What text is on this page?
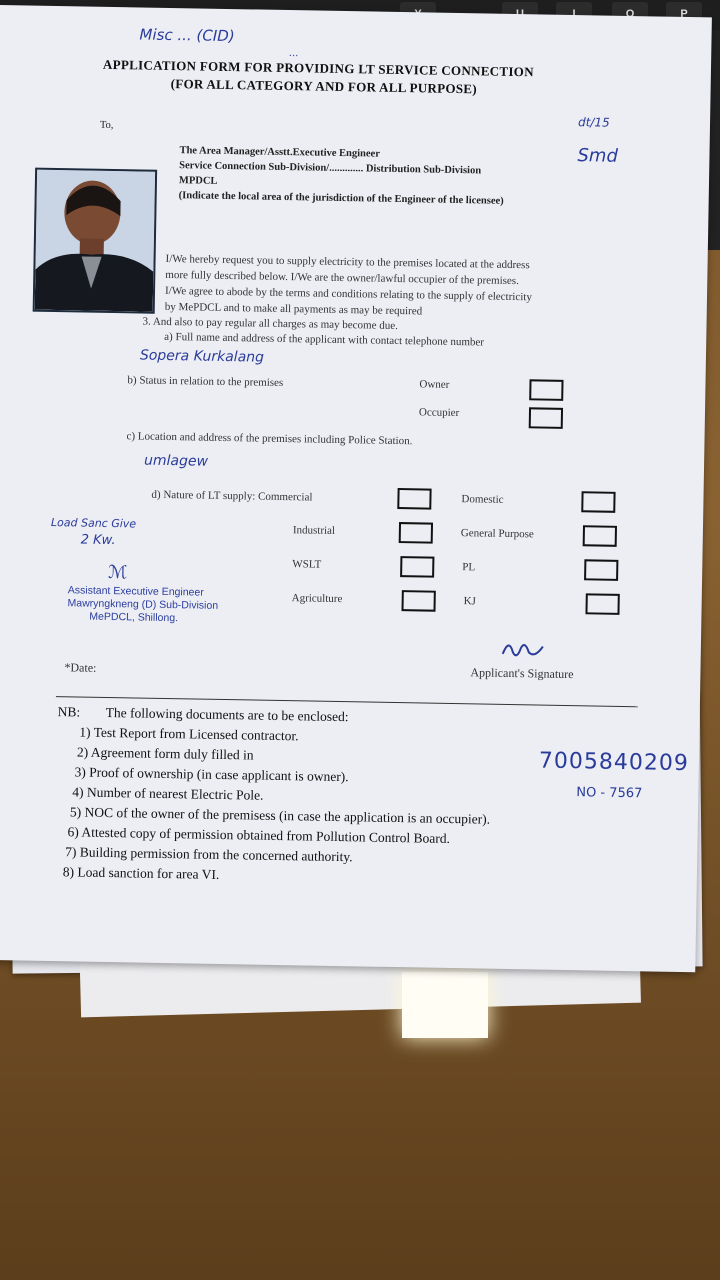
I	O	P
Misc ... (CID)
...
APPLICATION FORM FOR PROVIDING LT SERVICE CONNECTION
(FOR ALL CATEGORY AND FOR ALL PURPOSE)
dt/15
Smd
To,
The Area Manager/Asstt.Executive Engineer
Service Connection Sub-Division/............. Distribution Sub-Division
MPDCL
(Indicate the local area of the jurisdiction of the Engineer of the licensee)
I/We hereby request you to supply electricity to the premises located at the address
more fully described below. I/We are the owner/lawful occupier of the premises.
I/We agree to abode by the terms and conditions relating to the supply of electricity
by MePDCL and to make all payments as may be required
3. And also to pay regular all charges as may become due.
a) Full name and address of the applicant with contact telephone number
Sopera Kurkalang
b) Status in relation to the premises	Owner
Occupier
c) Location and address of the premises including Police Station.
umlagew
d) Nature of LT supply: Commercial	Domestic
Load Sanc Give
2 Kw.
Industrial	General Purpose
WSLT	PL
ℳ
Assistant Executive Engineer
Mawryngkneng (D) Sub-Division
MePDCL, Shillong.
Agriculture	KJ
*Date:	Applicant's Signature
NB: The following documents are to be enclosed:
1) Test Report from Licensed contractor.
2) Agreement form duly filled in
3) Proof of ownership (in case applicant is owner).
4) Number of nearest Electric Pole.
5) NOC of the owner of the premisess (in case the application is an occupier).
6) Attested copy of permission obtained from Pollution Control Board.
7) Building permission from the concerned authority.
8) Load sanction for area VI.
7005840209
NO - 7567
